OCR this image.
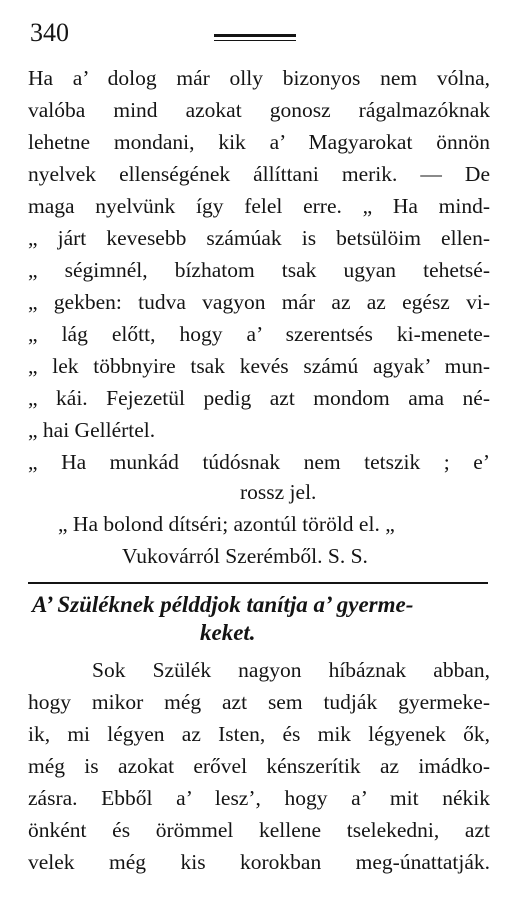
340
Ha a’ dolog már olly bizonyos nem vólna,
valóba mind azokat gonosz rágalmazóknak
lehetne mondani, kik a’ Magyarokat önnön
nyelvek ellenségének állíttani merik. — De
maga nyelvünk így felel erre. „ Ha mind-
„ járt kevesebb számúak is betsülöim ellen-
„ ségimnél, bízhatom tsak ugyan tehetsé-
„ gekben: tudva vagyon már az az egész vi-
„ lág előtt, hogy a’ szerentsés ki-menete-
„ lek többnyire tsak kevés számú agyak’ mun-
„ kái. Fejezetül pedig azt mondom ama né-
„ hai Gellértel.
„ Ha munkád túdósnak nem tetszik ; e’
rossz jel.
„ Ha bolond dítséri; azontúl töröld el. „
Vukovárról Szerémből. S. S.
A’ Szüléknek példdjok tanítja a’ gyerme-
keket.
Sok Szülék nagyon híbáznak abban,
hogy mikor még azt sem tudják gyermeke-
ik, mi légyen az Isten, és mik légyenek ők,
még is azokat erővel kénszerítik az imádko-
zásra. Ebből a’ lesz’, hogy a’ mit nékik
önként és örömmel kellene tselekedni, azt
velek még kis korokban meg-únattatják.
